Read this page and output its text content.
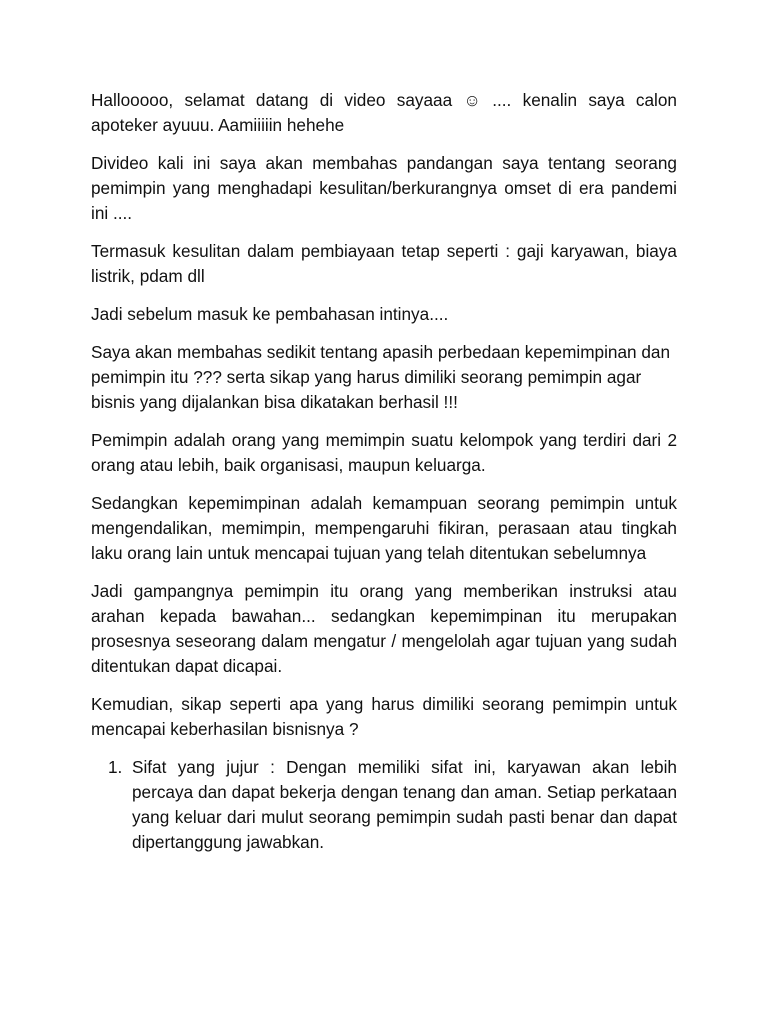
Hallooooo, selamat datang di video sayaaa ☺ .... kenalin saya calon apoteker ayuuu. Aamiiiiin hehehe

Divideo kali ini saya akan membahas pandangan saya tentang seorang pemimpin yang menghadapi kesulitan/berkurangnya omset di era pandemi ini ....

Termasuk kesulitan dalam pembiayaan tetap seperti : gaji karyawan, biaya listrik, pdam dll

Jadi sebelum masuk ke pembahasan intinya....

Saya akan membahas sedikit tentang apasih perbedaan kepemimpinan dan pemimpin itu ??? serta sikap yang harus dimiliki seorang pemimpin agar bisnis yang dijalankan bisa dikatakan berhasil !!!

Pemimpin adalah orang yang memimpin suatu kelompok yang terdiri dari 2 orang atau lebih, baik organisasi, maupun keluarga.

Sedangkan kepemimpinan adalah kemampuan seorang pemimpin untuk mengendalikan, memimpin, mempengaruhi fikiran, perasaan atau tingkah laku orang lain untuk mencapai tujuan yang telah ditentukan sebelumnya

Jadi gampangnya pemimpin itu orang yang memberikan instruksi atau arahan kepada bawahan... sedangkan kepemimpinan itu merupakan prosesnya seseorang dalam mengatur / mengelolah agar tujuan yang sudah ditentukan dapat dicapai.

Kemudian, sikap seperti apa yang harus dimiliki seorang pemimpin untuk mencapai keberhasilan bisnisnya ?

1. Sifat yang jujur : Dengan memiliki sifat ini, karyawan akan lebih percaya dan dapat bekerja dengan tenang dan aman. Setiap perkataan yang keluar dari mulut seorang pemimpin sudah pasti benar dan dapat dipertanggung jawabkan.
